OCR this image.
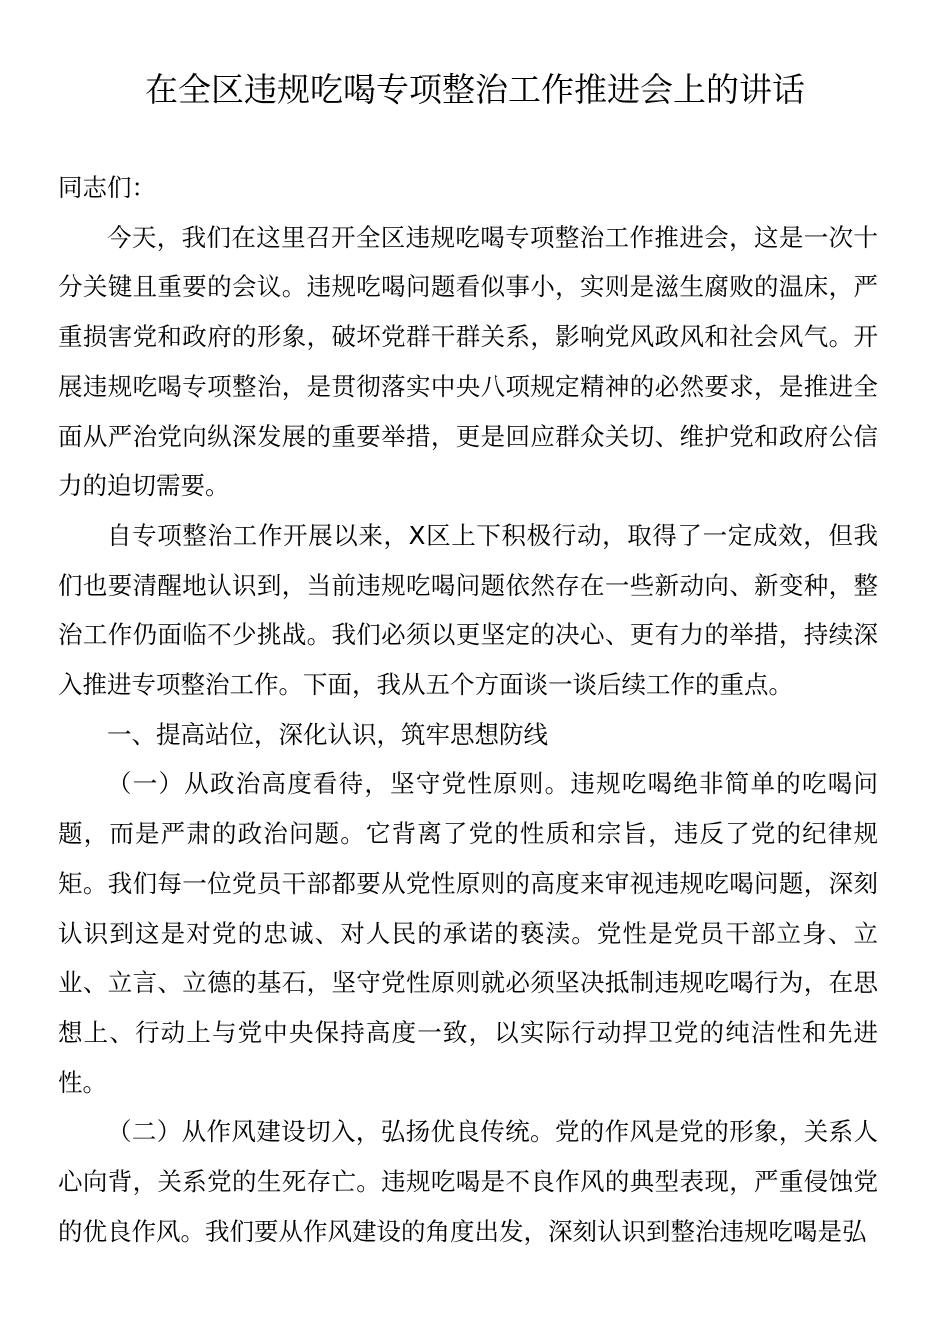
在全区违规吃喝专项整治工作推进会上的讲话

同志们：

今天，我们在这里召开全区违规吃喝专项整治工作推进会，这是一次十分关键且重要的会议。违规吃喝问题看似事小，实则是滋生腐败的温床，严重损害党和政府的形象，破坏党群干群关系，影响党风政风和社会风气。开展违规吃喝专项整治，是贯彻落实中央八项规定精神的必然要求，是推进全面从严治党向纵深发展的重要举措，更是回应群众关切、维护党和政府公信力的迫切需要。

自专项整治工作开展以来，X区上下积极行动，取得了一定成效，但我们也要清醒地认识到，当前违规吃喝问题依然存在一些新动向、新变种，整治工作仍面临不少挑战。我们必须以更坚定的决心、更有力的举措，持续深入推进专项整治工作。下面，我从五个方面谈一谈后续工作的重点。

一、提高站位，深化认识，筑牢思想防线

（一）从政治高度看待，坚守党性原则。违规吃喝绝非简单的吃喝问题，而是严肃的政治问题。它背离了党的性质和宗旨，违反了党的纪律规矩。我们每一位党员干部都要从党性原则的高度来审视违规吃喝问题，深刻认识到这是对党的忠诚、对人民的承诺的亵渎。党性是党员干部立身、立业、立言、立德的基石，坚守党性原则就必须坚决抵制违规吃喝行为，在思想上、行动上与党中央保持高度一致，以实际行动捍卫党的纯洁性和先进性。

（二）从作风建设切入，弘扬优良传统。党的作风是党的形象，关系人心向背，关系党的生死存亡。违规吃喝是不良作风的典型表现，严重侵蚀党的优良作风。我们要从作风建设的角度出发，深刻认识到整治违规吃喝是弘
